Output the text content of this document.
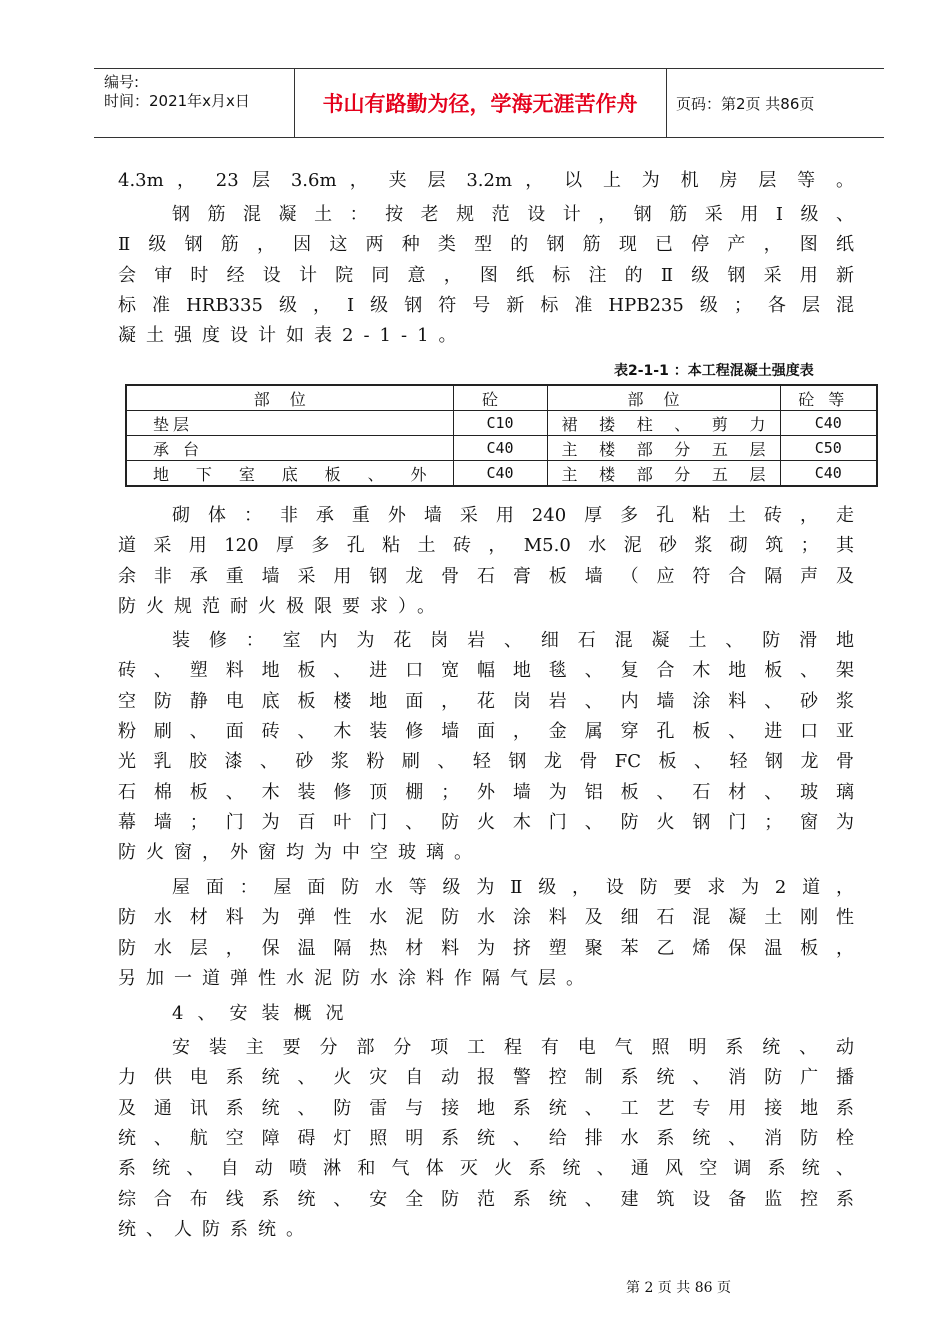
编号:
时间：2021年x月x日	书山有路勤为径，学海无涯苦作舟	页码：第2页 共86页
4.3m ， 23 层 3.6m ， 夹 层 3.2m ， 以 上 为 机 房 层 等 。
钢筋混凝土：按老规范设计，钢筋采用Ⅰ级、
Ⅱ级钢筋，因这两种类型的钢筋现已停产，图纸
会审时经设计院同意，图纸标注的Ⅱ级钢采用新
标准HRB335级，Ⅰ级钢符号新标准HPB235级；各层混
凝土强度设计如表2-1-1。
砌体：非承重外墙采用240厚多孔粘土砖，走
道采用120厚多孔粘土砖，M5.0水泥砂浆砌筑；其
余非承重墙采用钢龙骨石膏板墙（应符合隔声及
防火规范耐火极限要求）。
装修：室内为花岗岩、细石混凝土、防滑地
砖、塑料地板、进口宽幅地毯、复合木地板、架
空防静电底板楼地面，花岗岩、内墙涂料、砂浆
粉刷、面砖、木装修墙面，金属穿孔板、进口亚
光乳胶漆、砂浆粉刷、轻钢龙骨FC板、轻钢龙骨
石棉板、木装修顶棚；外墙为铝板、石材、玻璃
幕墙；门为百叶门、防火木门、防火钢门；窗为
防火窗，外窗均为中空玻璃。
屋面：屋面防水等级为Ⅱ级，设防要求为2道，
防水材料为弹性水泥防水涂料及细石混凝土刚性
防水层，保温隔热材料为挤塑聚苯乙烯保温板，
另加一道弹性水泥防水涂料作隔气层。
4、安装概况
安装主要分部分项工程有电气照明系统、动
力供电系统、火灾自动报警控制系统、消防广播
及通讯系统、防雷与接地系统、工艺专用接地系
统、航空障碍灯照明系统、给排水系统、消防栓
系统、自动喷淋和气体灭火系统、通风空调系统、
综合布线系统、安全防范系统、建筑设备监控系
统、人防系统。
表2-1-1 ：本工程混凝土强度表
部位	砼	部位	砼等
垫层	C10	裙搂柱、剪力	C40
承台	C40	主楼部分五层	C50
地下室底板、外	C40	主楼部分五层	C40
第 2 页 共 86 页
